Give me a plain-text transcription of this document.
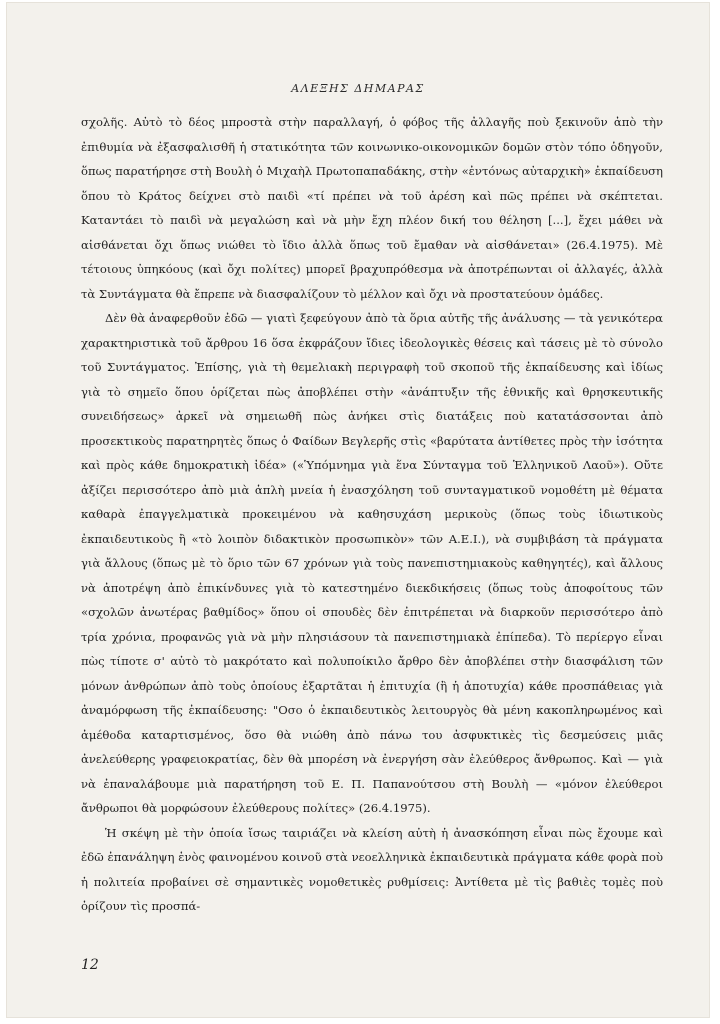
ΑΛΕΞΗΣ ΔΗΜΑΡΑΣ

σχολῆς. Αὐτὸ τὸ δέος μπροστὰ στὴν παραλλαγή, ὁ φόβος τῆς ἀλλαγῆς ποὺ ξεκινοῦν ἀπὸ τὴν ἐπιθυμία νὰ ἐξασφαλισθῆ ἡ στατικότητα τῶν κοινωνικο-οικονομικῶν δομῶν στὸν τόπο ὁδηγοῦν, ὅπως παρατήρησε στὴ Βουλὴ ὁ Μιχαὴλ Πρωτοπαπαδάκης, στὴν «ἐντόνως αὐταρχικὴ» ἐκπαίδευση ὅπου τὸ Κράτος δείχνει στὸ παιδὶ «τί πρέπει νὰ τοῦ ἀρέση καὶ πῶς πρέπει νὰ σκέπτεται. Καταντάει τὸ παιδὶ νὰ μεγαλώση καὶ νὰ μὴν ἔχη πλέον δική του θέληση [...], ἔχει μάθει νὰ αἰσθάνεται ὄχι ὅπως νιώθει τὸ ἴδιο ἀλλὰ ὅπως τοῦ ἔμαθαν νὰ αἰσθάνεται» (26.4.1975). Μὲ τέτοιους ὑπηκόους (καὶ ὄχι πολίτες) μπορεῖ βραχυπρόθεσμα νὰ ἀποτρέπωνται οἱ ἀλλαγές, ἀλλὰ τὰ Συντάγματα θὰ ἔπρεπε νὰ διασφαλίζουν τὸ μέλλον καὶ ὄχι νὰ προστατεύουν ὁμάδες.

Δὲν θὰ ἀναφερθοῦν ἐδῶ — γιατὶ ξεφεύγουν ἀπὸ τὰ ὅρια αὐτῆς τῆς ἀνάλυσης — τὰ γενικότερα χαρακτηριστικὰ τοῦ ἄρθρου 16 ὅσα ἐκφράζουν ἴδιες ἰδεολογικὲς θέσεις καὶ τάσεις μὲ τὸ σύνολο τοῦ Συντάγματος. Ἐπίσης, γιὰ τὴ θεμελιακὴ περιγραφὴ τοῦ σκοποῦ τῆς ἐκπαίδευσης καὶ ἰδίως γιὰ τὸ σημεῖο ὅπου ὁρίζεται πὼς ἀποβλέπει στὴν «ἀνάπτυξιν τῆς ἐθνικῆς καὶ θρησκευτικῆς συνειδήσεως» ἀρκεῖ νὰ σημειωθῆ πὼς ἀνήκει στὶς διατάξεις ποὺ κατατάσσονται ἀπὸ προσεκτικοὺς παρατηρητὲς ὅπως ὁ Φαίδων Βεγλερῆς στὶς «βαρύτατα ἀντίθετες πρὸς τὴν ἰσότητα καὶ πρὸς κάθε δημοκρατικὴ ἰδέα» («Ὑπόμνημα γιὰ ἕνα Σύνταγμα τοῦ Ἑλληνικοῦ Λαοῦ»). Οὔτε ἀξίζει περισσότερο ἀπὸ μιὰ ἁπλὴ μνεία ἡ ἐνασχόληση τοῦ συνταγματικοῦ νομοθέτη μὲ θέματα καθαρὰ ἐπαγγελματικὰ προκειμένου νὰ καθησυχάση μερικοὺς (ὅπως τοὺς ἰδιωτικοὺς ἐκπαιδευτικοὺς ἢ «τὸ λοιπὸν διδακτικὸν προσωπικὸν» τῶν Α.Ε.Ι.), νὰ συμβιβάση τὰ πράγματα γιὰ ἄλλους (ὅπως μὲ τὸ ὅριο τῶν 67 χρόνων γιὰ τοὺς πανεπιστημιακοὺς καθηγητές), καὶ ἄλλους νὰ ἀποτρέψη ἀπὸ ἐπικίνδυνες γιὰ τὸ κατεστημένο διεκδικήσεις (ὅπως τοὺς ἀποφοίτους τῶν «σχολῶν ἀνωτέρας βαθμίδος» ὅπου οἱ σπουδὲς δὲν ἐπιτρέπεται νὰ διαρκοῦν περισσότερο ἀπὸ τρία χρόνια, προφανῶς γιὰ νὰ μὴν πλησιάσουν τὰ πανεπιστημιακὰ ἐπίπεδα). Τὸ περίεργο εἶναι πὼς τίποτε σ' αὐτὸ τὸ μακρότατο καὶ πολυποίκιλο ἄρθρο δὲν ἀποβλέπει στὴν διασφάλιση τῶν μόνων ἀνθρώπων ἀπὸ τοὺς ὁποίους ἐξαρτᾶται ἡ ἐπιτυχία (ἢ ἡ ἀποτυχία) κάθε προσπάθειας γιὰ ἀναμόρφωση τῆς ἐκπαίδευσης: "Οσο ὁ ἐκπαιδευτικὸς λειτουργὸς θὰ μένη κακοπληρωμένος καὶ ἀμέθοδα καταρτισμένος, ὅσο θὰ νιώθη ἀπὸ πάνω του ἀσφυκτικὲς τὶς δεσμεύσεις μιᾶς ἀνελεύθερης γραφειοκρατίας, δὲν θὰ μπορέση νὰ ἐνεργήση σὰν ἐλεύθερος ἄνθρωπος. Καὶ — γιὰ νὰ ἐπαναλάβουμε μιὰ παρατήρηση τοῦ Ε. Π. Παπανούτσου στὴ Βουλὴ — «μόνον ἐλεύθεροι ἄνθρωποι θὰ μορφώσουν ἐλεύθερους πολίτες» (26.4.1975).

Ἡ σκέψη μὲ τὴν ὁποία ἴσως ταιριάζει νὰ κλείση αὐτὴ ἡ ἀνασκόπηση εἶναι πὼς ἔχουμε καὶ ἐδῶ ἐπανάληψη ἑνὸς φαινομένου κοινοῦ στὰ νεοελληνικὰ ἐκπαιδευτικὰ πράγματα κάθε φορὰ ποὺ ἡ πολιτεία προβαίνει σὲ σημαντικὲς νομοθετικὲς ρυθμίσεις: Ἀντίθετα μὲ τὶς βαθιὲς τομὲς ποὺ ὁρίζουν τὶς προσπά-

12
